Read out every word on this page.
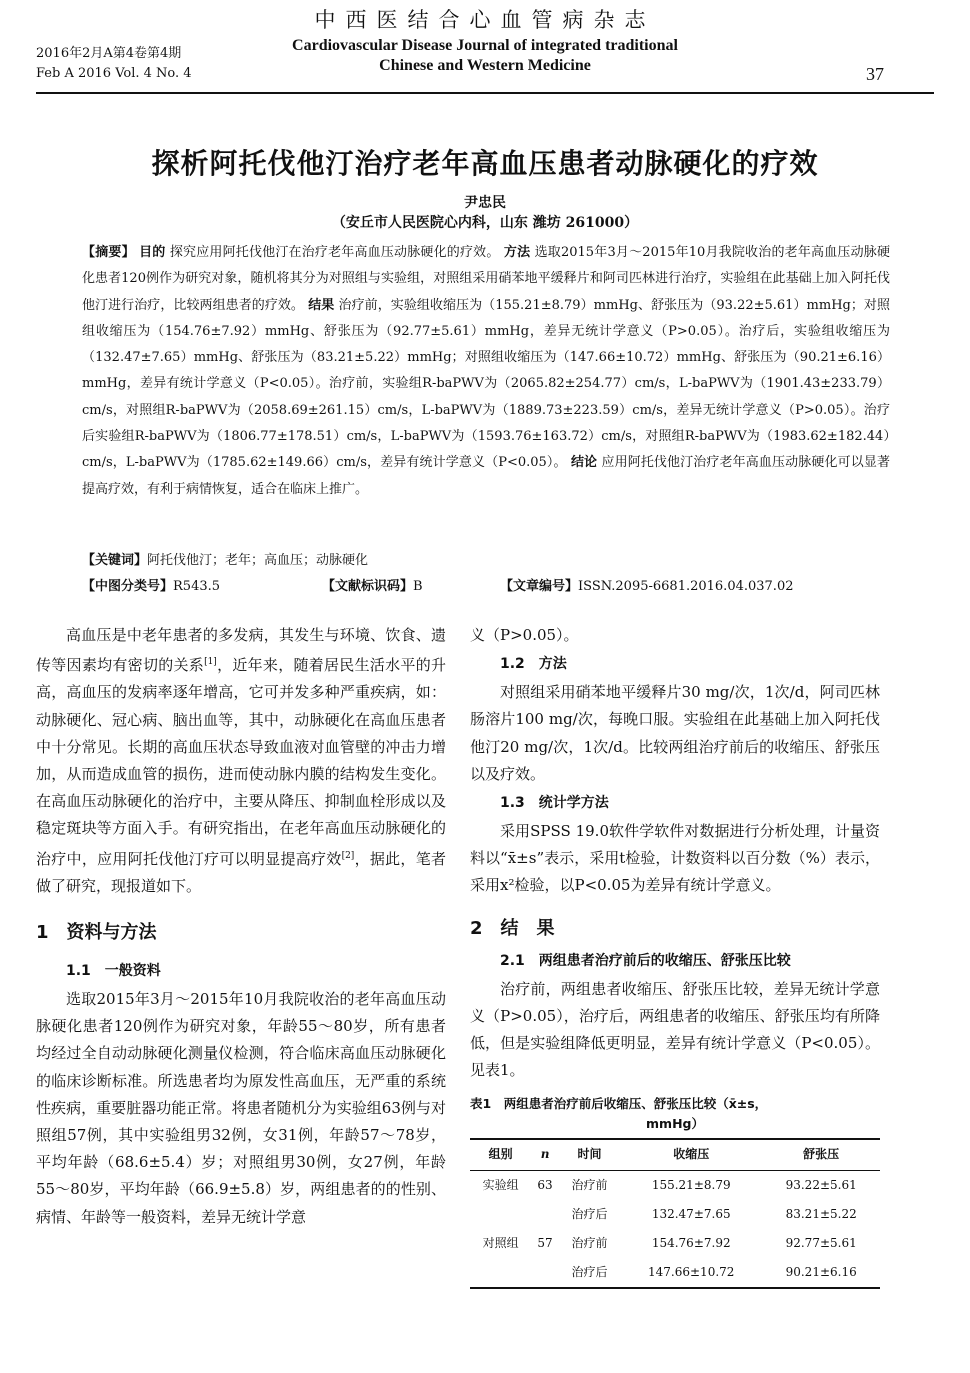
2016年2月A第4卷第4期
Feb A 2016 Vol. 4 No. 4
中西医结合心血管病杂志
Cardiovascular Disease Journal of integrated traditional
Chinese and Western Medicine	37
探析阿托伐他汀治疗老年高血压患者动脉硬化的疗效
尹忠民
（安丘市人民医院心内科，山东 潍坊 261000）
【摘要】 目的 探究应用阿托伐他汀在治疗老年高血压动脉硬化的疗效。 方法 选取2015年3月～2015年10月我院收治的老年高血压动脉硬化患者120例作为研究对象，随机将其分为对照组与实验组，对照组采用硝苯地平缓释片和阿司匹林进行治疗，实验组在此基础上加入阿托伐他汀进行治疗，比较两组患者的疗效。 结果 治疗前，实验组收缩压为（155.21±8.79）mmHg、舒张压为（93.22±5.61）mmHg；对照组收缩压为（154.76±7.92）mmHg、舒张压为（92.77±5.61）mmHg，差异无统计学意义（P>0.05）。治疗后，实验组收缩压为（132.47±7.65）mmHg、舒张压为（83.21±5.22）mmHg；对照组收缩压为（147.66±10.72）mmHg、舒张压为（90.21±6.16）mmHg，差异有统计学意义（P<0.05）。治疗前，实验组R-baPWV为（2065.82±254.77）cm/s，L-baPWV为（1901.43±233.79）cm/s，对照组R-baPWV为（2058.69±261.15）cm/s，L-baPWV为（1889.73±223.59）cm/s，差异无统计学意义（P>0.05）。治疗后实验组R-baPWV为（1806.77±178.51）cm/s，L-baPWV为（1593.76±163.72）cm/s，对照组R-baPWV为（1983.62±182.44）cm/s，L-baPWV为（1785.62±149.66）cm/s，差异有统计学意义（P<0.05）。 结论 应用阿托伐他汀治疗老年高血压动脉硬化可以显著提高疗效，有利于病情恢复，适合在临床上推广。
【关键词】阿托伐他汀；老年；高血压；动脉硬化
【中图分类号】R543.5	【文献标识码】B	【文章编号】ISSN.2095-6681.2016.04.037.02

高血压是中老年患者的多发病，其发生与环境、饮食、遗传等因素均有密切的关系[1]，近年来，随着居民生活水平的升高，高血压的发病率逐年增高，它可并发多种严重疾病，如：动脉硬化、冠心病、脑出血等，其中，动脉硬化在高血压患者中十分常见。长期的高血压状态导致血液对血管壁的冲击力增加，从而造成血管的损伤，进而使动脉内膜的结构发生变化。在高血压动脉硬化的治疗中，主要从降压、抑制血栓形成以及稳定斑块等方面入手。有研究指出，在老年高血压动脉硬化的治疗中，应用阿托伐他汀疗可以明显提高疗效[2]，据此，笔者做了研究，现报道如下。

1　资料与方法
1.1　一般资料

选取2015年3月～2015年10月我院收治的老年高血压动脉硬化患者120例作为研究对象，年龄55～80岁，所有患者均经过全自动动脉硬化测量仪检测，符合临床高血压动脉硬化的临床诊断标准。所选患者均为原发性高血压，无严重的系统性疾病，重要脏器功能正常。将患者随机分为实验组63例与对照组57例，其中实验组男32例，女31例，年龄57～78岁，平均年龄（68.6±5.4）岁；对照组男30例，女27例，年龄55～80岁，平均年龄（66.9±5.8）岁，两组患者的的性别、病情、年龄等一般资料，差异无统计学意

义（P>0.05）。

1.2　方法

对照组采用硝苯地平缓释片30 mg/次，1次/d，阿司匹林肠溶片100 mg/次，每晚口服。实验组在此基础上加入阿托伐他汀20 mg/次，1次/d。比较两组治疗前后的收缩压、舒张压以及疗效。

1.3　统计学方法

采用SPSS 19.0软件学软件对数据进行分析处理，计量资料以“x̄±s”表示，采用t检验，计数资料以百分数（%）表示，采用x²检验，以P<0.05为差异有统计学意义。

2　结　果
2.1　两组患者治疗前后的收缩压、舒张压比较

治疗前，两组患者收缩压、舒张压比较，差异无统计学意义（P>0.05），治疗后，两组患者的收缩压、舒张压均有所降低，但是实验组降低更明显，差异有统计学意义（P<0.05）。见表1。

表1　两组患者治疗前后收缩压、舒张压比较（x̄±s，
mmHg）
组别	n	时间	收缩压	舒张压
实验组	63	治疗前	155.21±8.79	93.22±5.61
		治疗后	132.47±7.65	83.21±5.22
对照组	57	治疗前	154.76±7.92	92.77±5.61
		治疗后	147.66±10.72	90.21±6.16
